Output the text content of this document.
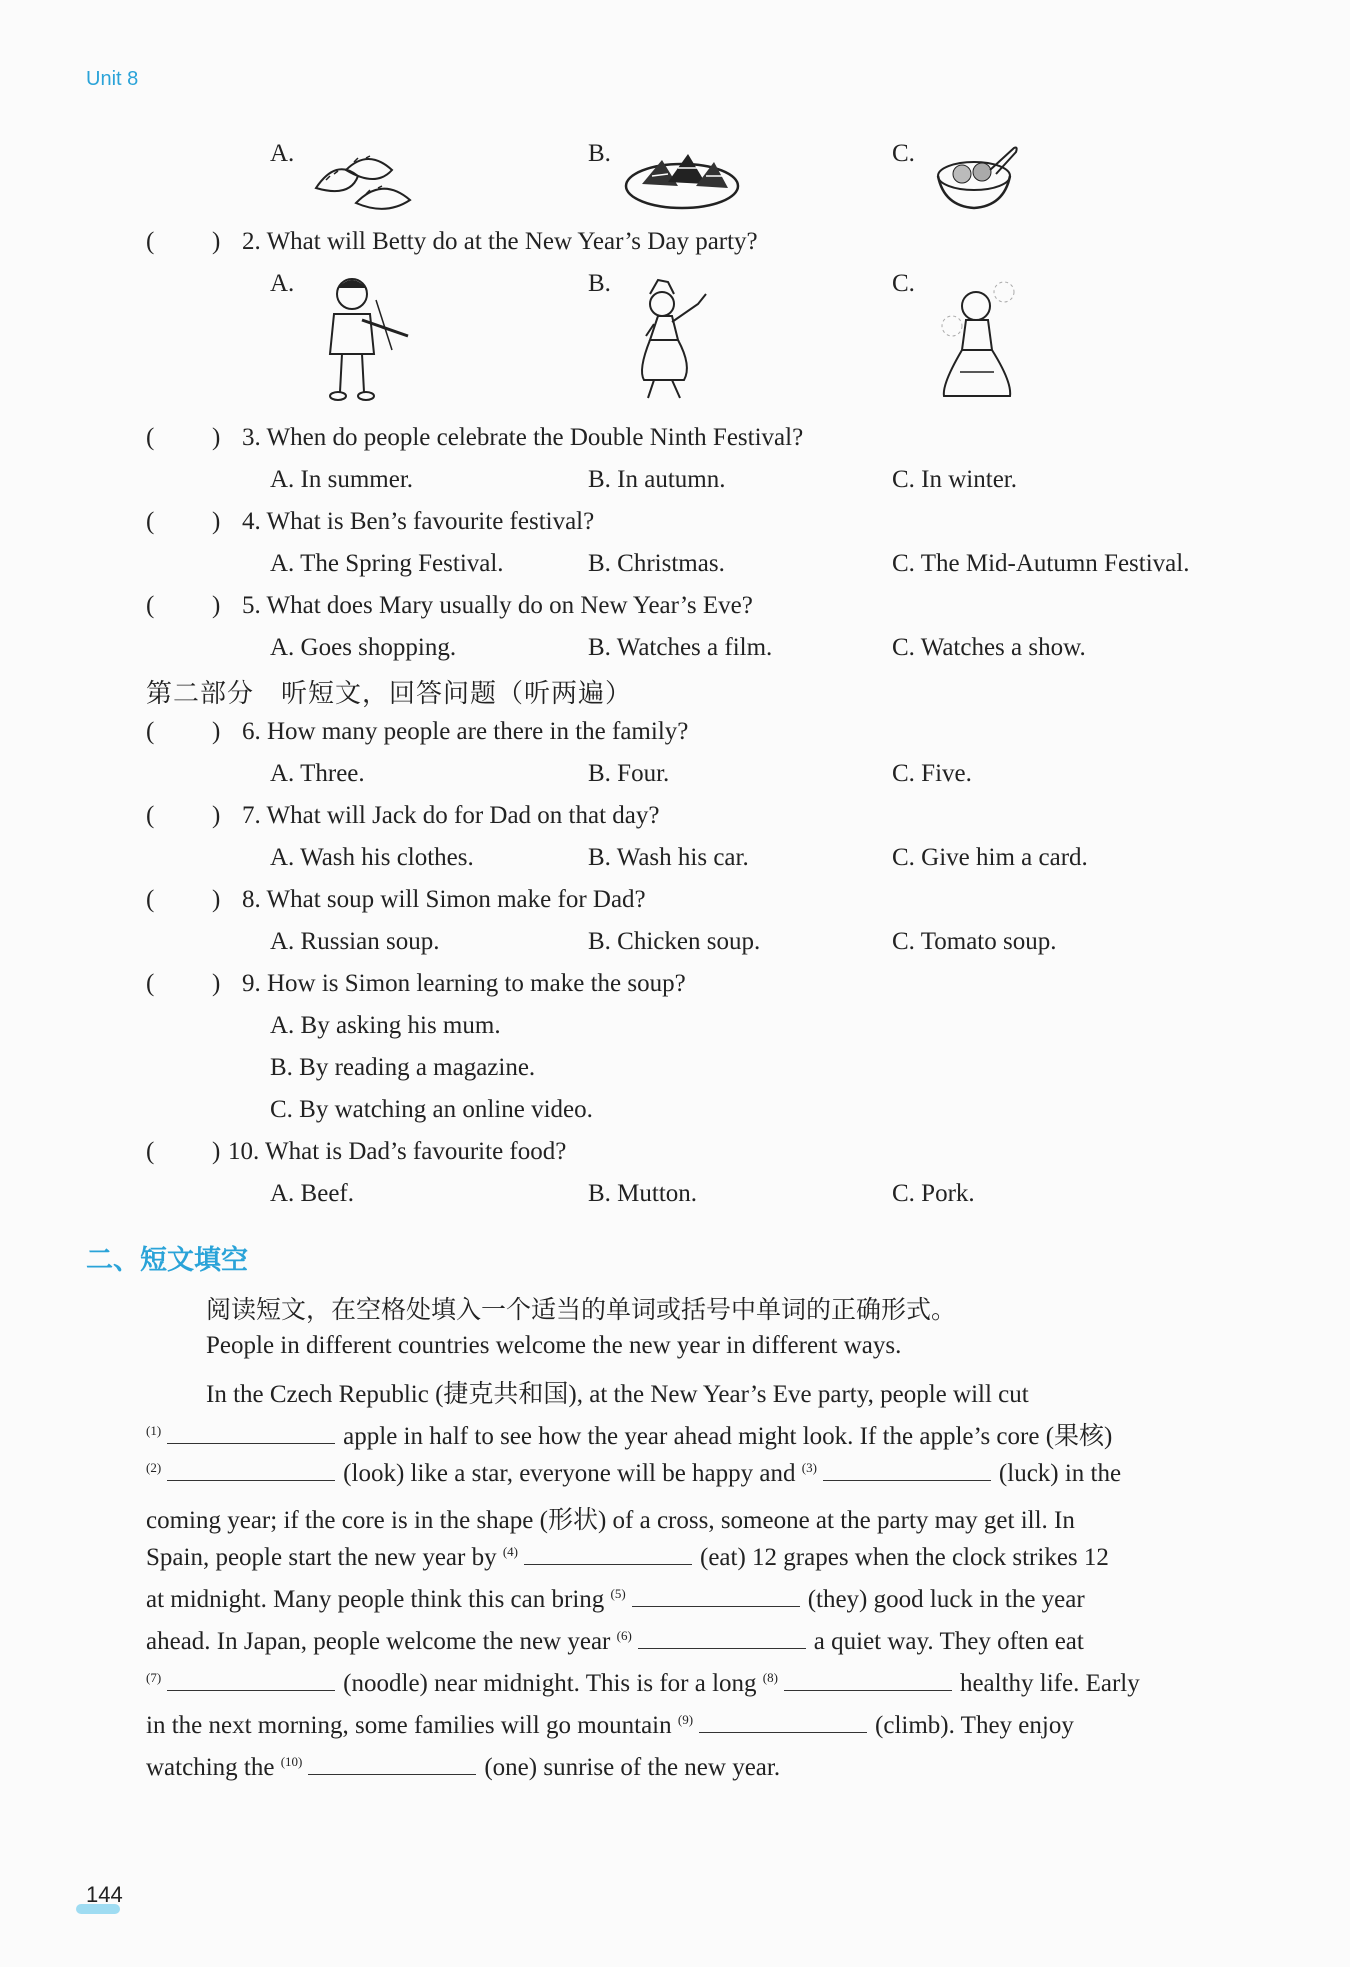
Unit 8
A.	B.	C.
( ) 2. What will Betty do at the New Year’s Day party?
A.	B.	C.
( ) 3. When do people celebrate the Double Ninth Festival?
A. In summer.	B. In autumn.	C. In winter.
( ) 4. What is Ben’s favourite festival?
A. The Spring Festival.	B. Christmas.	C. The Mid-Autumn Festival.
( ) 5. What does Mary usually do on New Year’s Eve?
A. Goes shopping.	B. Watches a film.	C. Watches a show.
第二部分　听短文，回答问题（听两遍）
( ) 6. How many people are there in the family?
A. Three.	B. Four.	C. Five.
( ) 7. What will Jack do for Dad on that day?
A. Wash his clothes.	B. Wash his car.	C. Give him a card.
( ) 8. What soup will Simon make for Dad?
A. Russian soup.	B. Chicken soup.	C. Tomato soup.
( ) 9. How is Simon learning to make the soup?
A. By asking his mum.
B. By reading a magazine.
C. By watching an online video.
( ) 10. What is Dad’s favourite food?
A. Beef.	B. Mutton.	C. Pork.
二、短文填空
阅读短文，在空格处填入一个适当的单词或括号中单词的正确形式。
People in different countries welcome the new year in different ways.
In the Czech Republic (捷克共和国), at the New Year’s Eve party, people will cut
$^{(1)}$	apple in half to see how the year ahead might look. If the apple’s core (果核)
$^{(2)}$	(look) like a star, everyone will be happy and $^{(3)}$	(luck) in the
coming year; if the core is in the shape (形状) of a cross, someone at the party may get ill. In
Spain, people start the new year by $^{(4)}$	(eat) 12 grapes when the clock strikes 12
at midnight. Many people think this can bring $^{(5)}$	(they) good luck in the year
ahead. In Japan, people welcome the new year $^{(6)}$	a quiet way. They often eat
$^{(7)}$	(noodle) near midnight. This is for a long $^{(8)}$	healthy life. Early
in the next morning, some families will go mountain $^{(9)}$	(climb). They enjoy
watching the $^{(10)}$	(one) sunrise of the new year.
144
